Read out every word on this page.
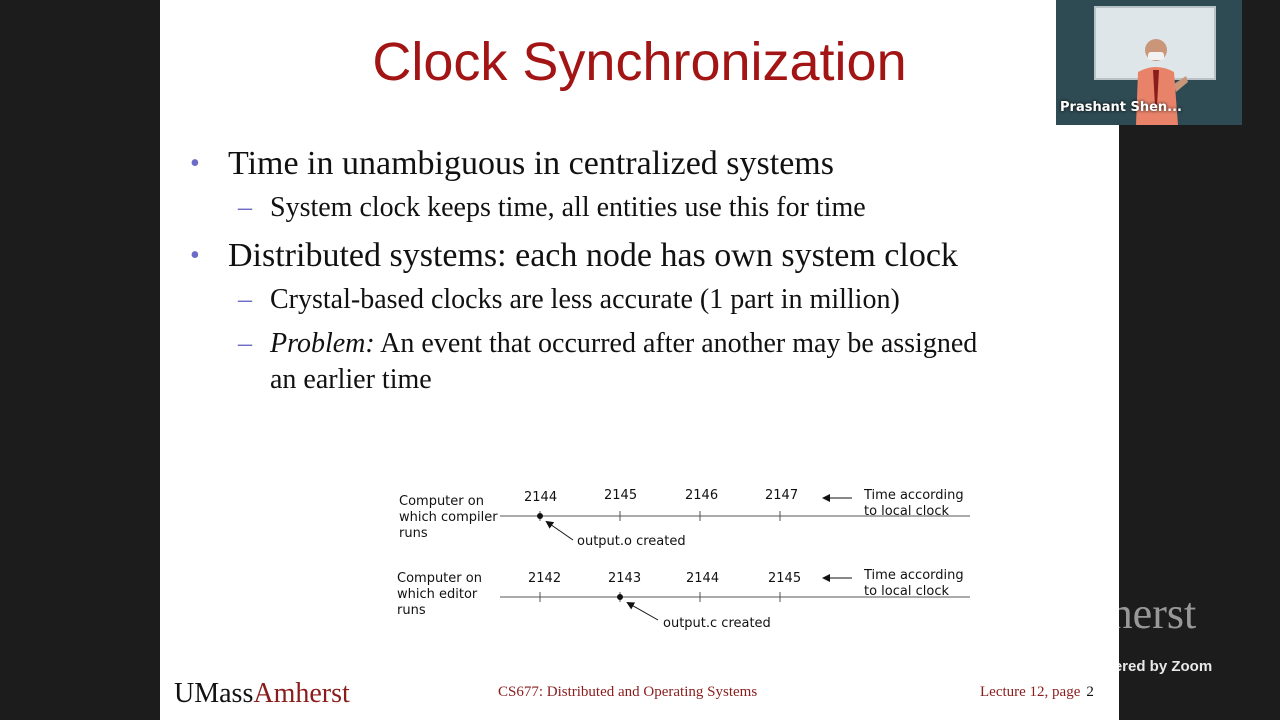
Clock Synchronization
• Time in unambiguous in centralized systems
– System clock keeps time, all entities use this for time
• Distributed systems: each node has own system clock
– Crystal-based clocks are less accurate (1 part in million)
– Problem: An event that occurred after another may be assigned
an earlier time
Computer on
which compiler
runs
2144	2145	2146	2147	Time according
to local clock
output.o created
Computer on
which editor
runs
2142	2143	2144	2145	Time according
to local clock
output.c created
UMassAmherst	CS677: Distributed and Operating Systems	Lecture 12, page 2
UMassAmherst
Powered by Zoom
Prashant Shen...
